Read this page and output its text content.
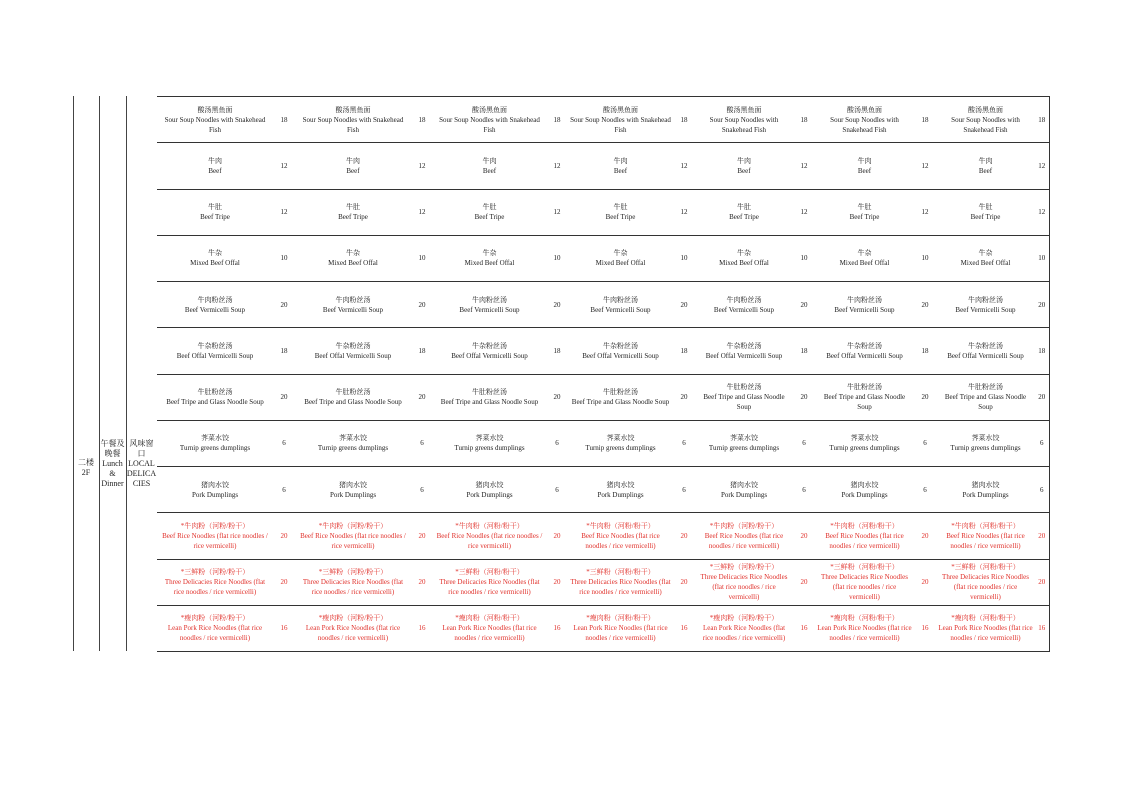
二楼
2F
午餐及
晚餐
Lunch
&
Dinner
风味窗
口
LOCAL
DELICA
CIES
酸汤黑鱼面
Sour Soup Noodles with Snakehead Fish	18	酸汤黑鱼面
Sour Soup Noodles with Snakehead Fish	18	酸汤黑鱼面
Sour Soup Noodles with Snakehead Fish	18	酸汤黑鱼面
Sour Soup Noodles with Snakehead Fish	18	酸汤黑鱼面
Sour Soup Noodles with Snakehead Fish	18	酸汤黑鱼面
Sour Soup Noodles with Snakehead Fish	18	酸汤黑鱼面
Sour Soup Noodles with Snakehead Fish	18

牛肉
Beef	12	牛肉
Beef	12	牛肉
Beef	12	牛肉
Beef	12	牛肉
Beef	12	牛肉
Beef	12	牛肉
Beef	12

牛肚
Beef Tripe	12	牛肚
Beef Tripe	12	牛肚
Beef Tripe	12	牛肚
Beef Tripe	12	牛肚
Beef Tripe	12	牛肚
Beef Tripe	12	牛肚
Beef Tripe	12

牛杂
Mixed Beef Offal	10	牛杂
Mixed Beef Offal	10	牛杂
Mixed Beef Offal	10	牛杂
Mixed Beef Offal	10	牛杂
Mixed Beef Offal	10	牛杂
Mixed Beef Offal	10	牛杂
Mixed Beef Offal	10

牛肉粉丝汤
Beef Vermicelli Soup	20	牛肉粉丝汤
Beef Vermicelli Soup	20	牛肉粉丝汤
Beef Vermicelli Soup	20	牛肉粉丝汤
Beef Vermicelli Soup	20	牛肉粉丝汤
Beef Vermicelli Soup	20	牛肉粉丝汤
Beef Vermicelli Soup	20	牛肉粉丝汤
Beef Vermicelli Soup	20

牛杂粉丝汤
Beef Offal Vermicelli Soup	18	牛杂粉丝汤
Beef Offal Vermicelli Soup	18	牛杂粉丝汤
Beef Offal Vermicelli Soup	18	牛杂粉丝汤
Beef Offal Vermicelli Soup	18	牛杂粉丝汤
Beef Offal Vermicelli Soup	18	牛杂粉丝汤
Beef Offal Vermicelli Soup	18	牛杂粉丝汤
Beef Offal Vermicelli Soup	18

牛肚粉丝汤
Beef Tripe and Glass Noodle Soup	20	牛肚粉丝汤
Beef Tripe and Glass Noodle Soup	20	牛肚粉丝汤
Beef Tripe and Glass Noodle Soup	20	牛肚粉丝汤
Beef Tripe and Glass Noodle Soup	20	牛肚粉丝汤
Beef Tripe and Glass Noodle Soup	20	牛肚粉丝汤
Beef Tripe and Glass Noodle Soup	20	牛肚粉丝汤
Beef Tripe and Glass Noodle Soup	20

荠菜水饺
Turnip greens dumplings	6	荠菜水饺
Turnip greens dumplings	6	荠菜水饺
Turnip greens dumplings	6	荠菜水饺
Turnip greens dumplings	6	荠菜水饺
Turnip greens dumplings	6	荠菜水饺
Turnip greens dumplings	6	荠菜水饺
Turnip greens dumplings	6

猪肉水饺
Pork Dumplings	6	猪肉水饺
Pork Dumplings	6	猪肉水饺
Pork Dumplings	6	猪肉水饺
Pork Dumplings	6	猪肉水饺
Pork Dumplings	6	猪肉水饺
Pork Dumplings	6	猪肉水饺
Pork Dumplings	6

*牛肉粉（河粉/粉干）
Beef Rice Noodles (flat rice noodles / rice vermicelli)	20	*牛肉粉（河粉/粉干）
Beef Rice Noodles (flat rice noodles / rice vermicelli)	20	*牛肉粉（河粉/粉干）
Beef Rice Noodles (flat rice noodles / rice vermicelli)	20	*牛肉粉（河粉/粉干）
Beef Rice Noodles (flat rice noodles / rice vermicelli)	20	*牛肉粉（河粉/粉干）
Beef Rice Noodles (flat rice noodles / rice vermicelli)	20	*牛肉粉（河粉/粉干）
Beef Rice Noodles (flat rice noodles / rice vermicelli)	20	*牛肉粉（河粉/粉干）
Beef Rice Noodles (flat rice noodles / rice vermicelli)	20

*三鲜粉（河粉/粉干）
Three Delicacies Rice Noodles (flat rice noodles / rice vermicelli)	20	*三鲜粉（河粉/粉干）
Three Delicacies Rice Noodles (flat rice noodles / rice vermicelli)	20	*三鲜粉（河粉/粉干）
Three Delicacies Rice Noodles (flat rice noodles / rice vermicelli)	20	*三鲜粉（河粉/粉干）
Three Delicacies Rice Noodles (flat rice noodles / rice vermicelli)	20	*三鲜粉（河粉/粉干）
Three Delicacies Rice Noodles (flat rice noodles / rice vermicelli)	20	*三鲜粉（河粉/粉干）
Three Delicacies Rice Noodles (flat rice noodles / rice vermicelli)	20	*三鲜粉（河粉/粉干）
Three Delicacies Rice Noodles (flat rice noodles / rice vermicelli)	20

*瘦肉粉（河粉/粉干）
Lean Pork Rice Noodles (flat rice noodles / rice vermicelli)	16	*瘦肉粉（河粉/粉干）
Lean Pork Rice Noodles (flat rice noodles / rice vermicelli)	16	*瘦肉粉（河粉/粉干）
Lean Pork Rice Noodles (flat rice noodles / rice vermicelli)	16	*瘦肉粉（河粉/粉干）
Lean Pork Rice Noodles (flat rice noodles / rice vermicelli)	16	*瘦肉粉（河粉/粉干）
Lean Pork Rice Noodles (flat rice noodles / rice vermicelli)	16	*瘦肉粉（河粉/粉干）
Lean Pork Rice Noodles (flat rice noodles / rice vermicelli)	16	*瘦肉粉（河粉/粉干）
Lean Pork Rice Noodles (flat rice noodles / rice vermicelli)	16
